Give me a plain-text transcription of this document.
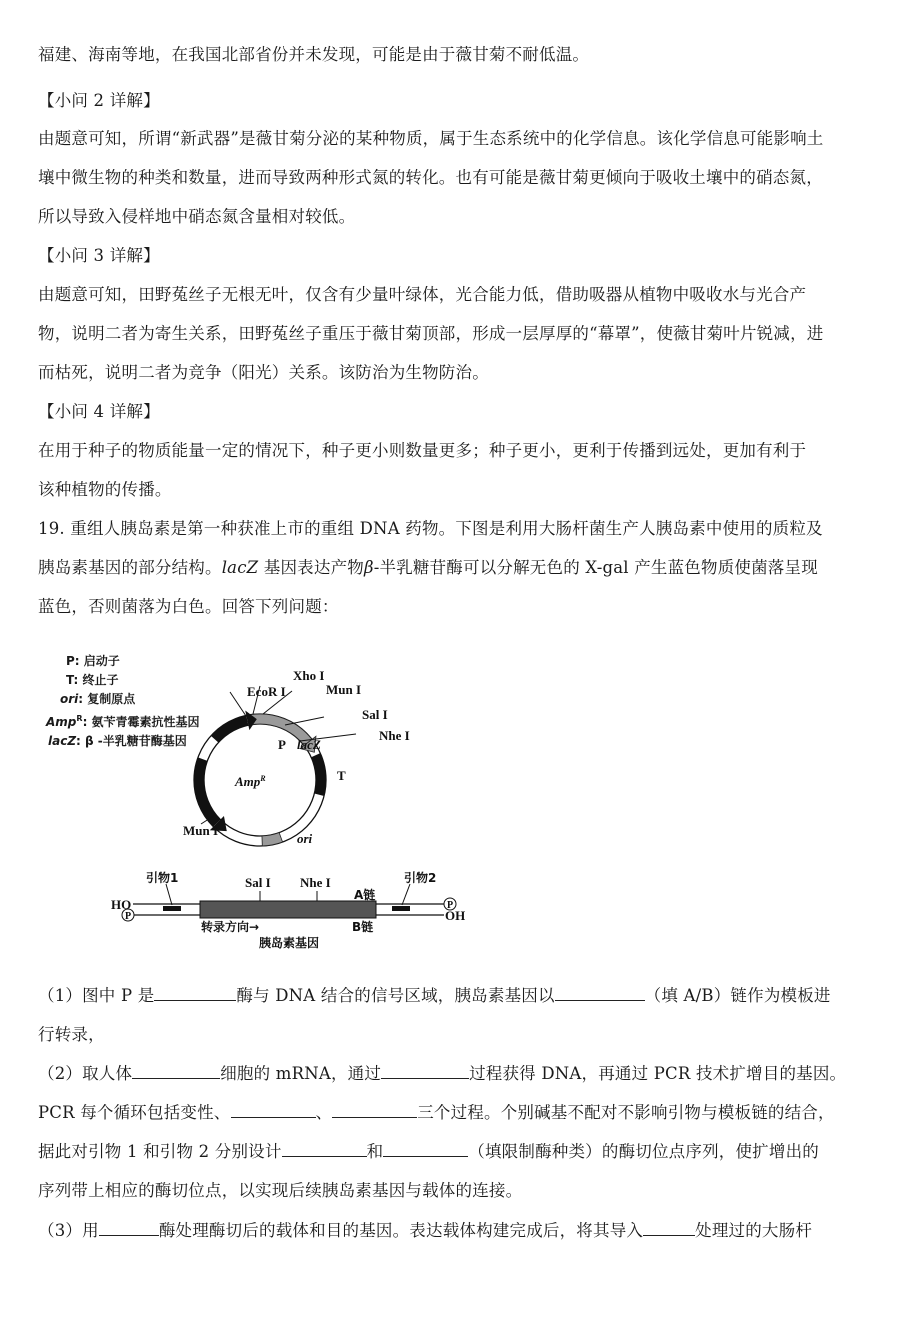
福建、海南等地，在我国北部省份并未发现，可能是由于薇甘菊不耐低温。
【小问 2 详解】
由题意可知，所谓“新武器”是薇甘菊分泌的某种物质，属于生态系统中的化学信息。该化学信息可能影响土
壤中微生物的种类和数量，进而导致两种形式氮的转化。也有可能是薇甘菊更倾向于吸收土壤中的硝态氮，
所以导致入侵样地中硝态氮含量相对较低。
【小问 3 详解】
由题意可知，田野菟丝子无根无叶，仅含有少量叶绿体，光合能力低，借助吸器从植物中吸收水与光合产
物，说明二者为寄生关系，田野菟丝子重压于薇甘菊顶部，形成一层厚厚的“幕罩”，使薇甘菊叶片锐减，进
而枯死，说明二者为竞争（阳光）关系。该防治为生物防治。
【小问 4 详解】
在用于种子的物质能量一定的情况下，种子更小则数量更多；种子更小，更利于传播到远处，更加有利于
该种植物的传播。
19. 重组人胰岛素是第一种获准上市的重组 DNA 药物。下图是利用大肠杆菌生产人胰岛素中使用的质粒及
胰岛素基因的部分结构。lacZ 基因表达产物β-半乳糖苷酶可以分解无色的 X-gal 产生蓝色物质使菌落呈现
蓝色，否则菌落为白色。回答下列问题：
P: 启动子
T: 终止子
ori: 复制原点
Amp$^R$: 氨苄青霉素抗性基因
lacZ: β -半乳糖苷酶基因
Xho I
EcoR I	Mun I
Sal I
Nhe I
P lacZ
T
Amp$^R$
Mun I
ori
P
P
HO
OH
引物1	引物2
Sal I Nhe I
A链
B链
转录方向→
胰岛素基因
（1）图中 P 是	酶与 DNA 结合的信号区域，胰岛素基因以	（填 A/B）链作为模板进
行转录，
（2）取人体	细胞的 mRNA，通过	过程获得 DNA，再通过 PCR 技术扩增目的基因。
PCR 每个循环包括变性、	、	三个过程。个别碱基不配对不影响引物与模板链的结合，
据此对引物 1 和引物 2 分别设计	和	（填限制酶种类）的酶切位点序列，使扩增出的
序列带上相应的酶切位点，以实现后续胰岛素基因与载体的连接。
（3）用	酶处理酶切后的载体和目的基因。表达载体构建完成后，将其导入	处理过的大肠杆
